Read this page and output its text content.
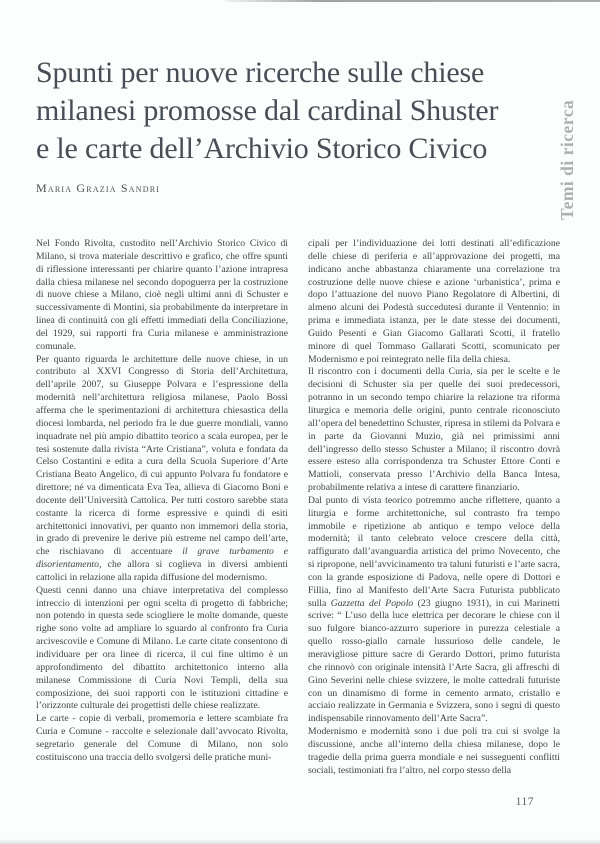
Spunti per nuove ricerche sulle chiese
milanesi promosse dal cardinal Shuster
e le carte dell’Archivio Storico Civico
Maria Grazia Sandri	Temi di ricerca

Nel Fondo Rivolta, custodito nell’Archivio Storico Civico di Milano, si trova materiale descrittivo e grafico, che offre spunti di riflessione interessanti per chiarire quanto l’azione intrapresa dalla chiesa milanese nel secondo dopoguerra per la costruzione di nuove chiese a Milano, cioè negli ultimi anni di Schuster e successivamente di Montini, sia probabilmente da interpretare in linea di continuità con gli effetti immediati della Conciliazione, del 1929, sui rapporti fra Curia milanese e amministrazione comunale.

Per quanto riguarda le architetture delle nuove chiese, in un contributo al XXVI Congresso di Storia dell’Architettura, dell’aprile 2007, su Giuseppe Polvara e l’espressione della modernità nell’architettura religiosa milanese, Paolo Bossi afferma che le sperimentazioni di architettura chiesastica della diocesi lombarda, nel periodo fra le due guerre mondiali, vanno inquadrate nel più ampio dibattito teorico a scala europea, per le tesi sostenute dalla rivista “Arte Cristiana”, voluta e fondata da Celso Costantini e edita a cura della Scuola Superiore d’Arte Cristiana Beato Angelico, di cui appunto Polvara fu fondatore e direttore; né va dimenticata Eva Tea, allieva di Giacomo Boni e docente dell’Università Cattolica. Per tutti costoro sarebbe stata costante la ricerca di forme espressive e quindi di esiti architettonici innovativi, per quanto non immemori della storia, in grado di prevenire le derive più estreme nel campo dell’arte, che rischiavano di accentuare il grave turbamento e disorientamento, che allora si coglieva in diversi ambienti cattolici in relazione alla rapida diffusione del modernismo.

Questi cenni danno una chiave interpretativa del complesso intreccio di intenzioni per ogni scelta di progetto di fabbriche; non potendo in questa sede sciogliere le molte domande, queste righe sono volte ad ampliare lo sguardo al confronto fra Curia arcivescovile e Comune di Milano. Le carte citate consentono di individuare per ora linee di ricerca, il cui fine ultimo è un approfondimento del dibattito architettonico interno alla milanese Commissione di Curia Novi Templi, della sua composizione, dei suoi rapporti con le istituzioni cittadine e l’orizzonte culturale dei progettisti delle chiese realizzate.

Le carte - copie di verbali, promemoria e lettere scambiate fra Curia e Comune - raccolte e selezionale dall’avvocato Rivolta, segretario generale del Comune di Milano, non solo costituiscono una traccia dello svolgersi delle pratiche muni-

cipali per l’individuazione dei lotti destinati all’edificazione delle chiese di periferia e all’approvazione dei progetti, ma indicano anche abbastanza chiaramente una correlazione tra costruzione delle nuove chiese e azione ‘urbanistica’, prima e dopo l’attuazione del nuovo Piano Regolatore di Albertini, di almeno alcuni dei Podestà succedutesi durante il Ventennio: in prima e immediata istanza, per le date stesse dei documenti, Guido Pesenti e Gian Giacomo Gallarati Scotti, il fratello minore di quel Tommaso Gallarati Scotti, scomunicato per Modernismo e poi reintegrato nelle fila della chiesa.

Il riscontro con i documenti della Curia, sia per le scelte e le decisioni di Schuster sia per quelle dei suoi predecessori, potranno in un secondo tempo chiarire la relazione tra riforma liturgica e memoria delle origini, punto centrale riconosciuto all’opera del benedettino Schuster, ripresa in stilemi da Polvara e in parte da Giovanni Muzio, già nei primissimi anni dell’ingresso dello stesso Schuster a Milano; il riscontro dovrà essere esteso alla corrispondenza tra Schuster Ettore Conti e Mattioli, conservata presso l’Archivio della Banca Intesa, probabilmente relativa a intese di carattere finanziario.

Dal punto di vista teorico potremmo anche riflettere, quanto a liturgia e forme architettoniche, sul contrasto fra tempo immobile e ripetizione ab antiquo e tempo veloce della modernità; il tanto celebrato veloce crescere della città, raffigurato dall’avanguardia artistica del primo Novecento, che si ripropone, nell’avvicinamento tra taluni futuristi e l’arte sacra, con la grande esposizione di Padova, nelle opere di Dottori e Fillia, fino al Manifesto dell’Arte Sacra Futurista pubblicato sulla Gazzetta del Popolo (23 giugno 1931), in cui Marinetti scrive: “ L’uso della luce elettrica per decorare le chiese con il suo fulgore bianco-azzurro superiore in purezza celestiale a quello rosso-giallo carnale lussurioso delle candele, le meravigliose pitture sacre di Gerardo Dottori, primo futurista che rinnovò con originale intensità l’Arte Sacra, gli affreschi di Gino Severini nelle chiese svizzere, le molte cattedrali futuriste con un dinamismo di forme in cemento armato, cristallo e acciaio realizzate in Germania e Svizzera, sono i segni di questo indispensabile rinnovamento dell’Arte Sacra”.

Modernismo e modernità sono i due poli tra cui si svolge la discussione, anche all’interno della chiesa milanese, dopo le tragedie della prima guerra mondiale e nei susseguenti conflitti sociali, testimoniati fra l’altro, nel corpo stesso della

117
